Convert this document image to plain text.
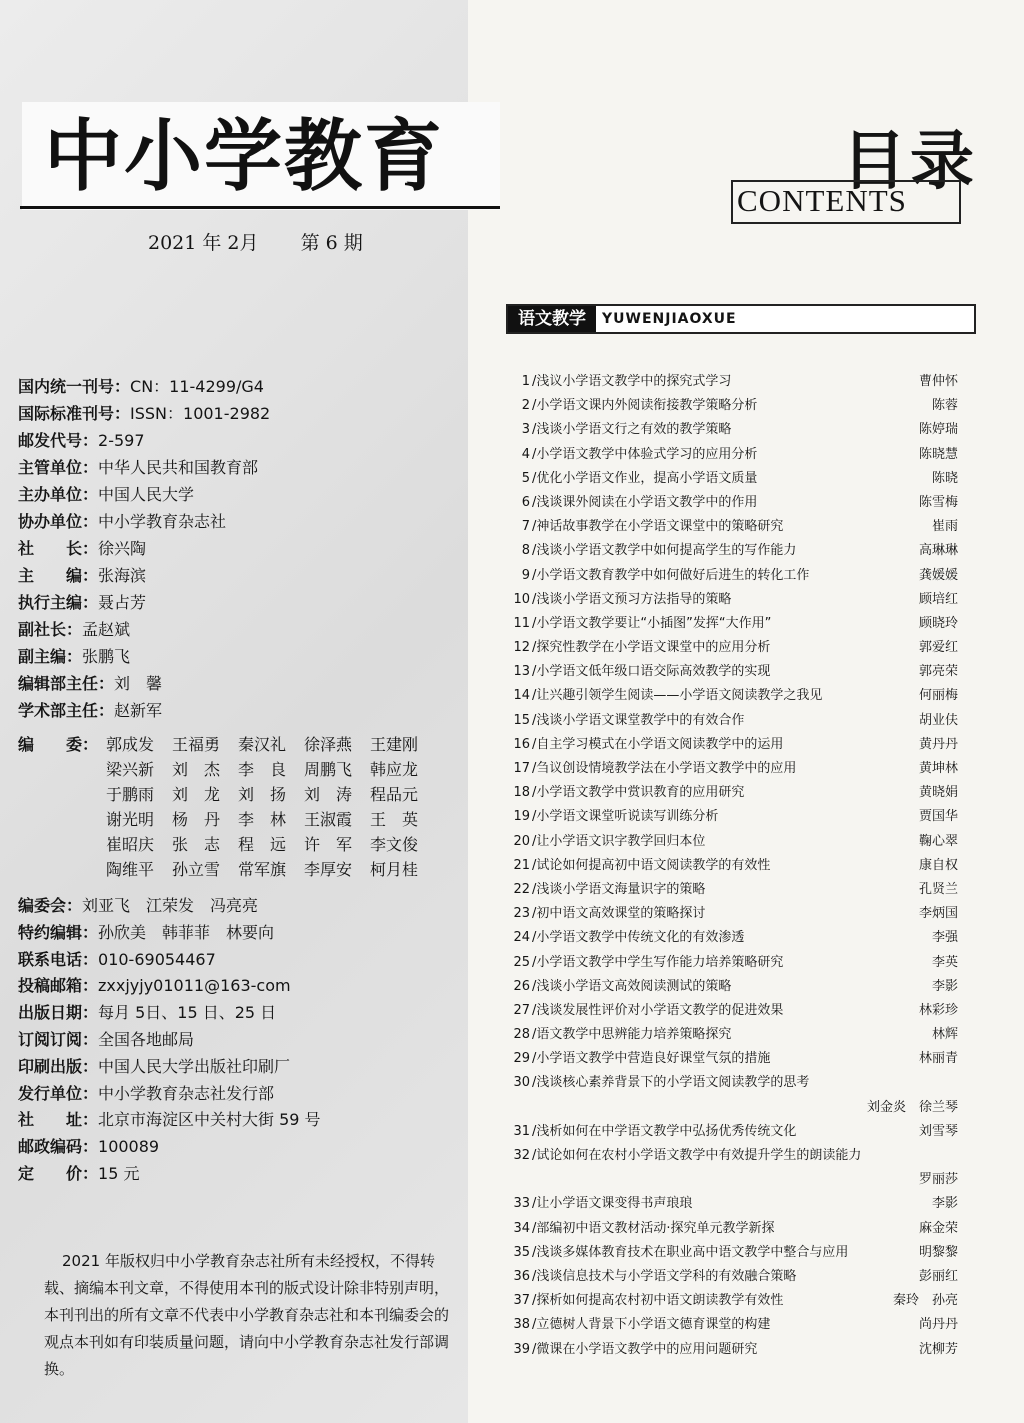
中小学教育
2021 年 2月 第 6 期
国内统一刊号：CN：11-4299/G4
国际标准刊号：ISSN：1001-2982
邮发代号：2-597
主管单位：中华人民共和国教育部
主办单位：中国人民大学
协办单位：中小学教育杂志社
社　　长：徐兴陶
主　　编：张海滨
执行主编：聂占芳
副社长：孟赵斌
副主编：张鹏飞
编辑部主任：刘　馨
学术部主任：赵新军
编　　委： 郭成发 王福勇 秦汉礼 徐泽燕 王建刚
梁兴新 刘　杰 李　良 周鹏飞 韩应龙
于鹏雨 刘　龙 刘　扬 刘　涛 程品元
谢光明 杨　丹 李　林 王淑霞 王　英
崔昭庆 张　志 程　远 许　军 李文俊
陶维平 孙立雪 常军旗 李厚安 柯月桂
编委会：刘亚飞　江荣发　冯亮亮
特约编辑：孙欣美　韩菲菲　林要向
联系电话：010-69054467
投稿邮箱：zxxjyjy01011@163-com
出版日期：每月 5日、15 日、25 日
订阅订阅：全国各地邮局
印刷出版：中国人民大学出版社印刷厂
发行单位：中小学教育杂志社发行部
社　　址：北京市海淀区中关村大街 59 号
邮政编码：100089
定　　价：15 元

2021 年版权归中小学教育杂志社所有未经授权，不得转载、摘编本刊文章，不得使用本刊的版式设计除非特别声明，本刊刊出的所有文章不代表中小学教育杂志社和本刊编委会的观点本刊如有印装质量问题，请向中小学教育杂志社发行部调换。

目录
CONTENTS
语文教学	YUWENJIAOXUE
1 /浅议小学语文教学中的探究式学习	曹仲怀
2 /小学语文课内外阅读衔接教学策略分析	陈蓉
3 /浅谈小学语文行之有效的教学策略	陈婷瑞
4 /小学语文教学中体验式学习的应用分析	陈晓慧
5 /优化小学语文作业，提高小学语文质量	陈晓
6 /浅谈课外阅读在小学语文教学中的作用	陈雪梅
7 /神话故事教学在小学语文课堂中的策略研究	崔雨
8 /浅谈小学语文教学中如何提高学生的写作能力	高琳琳
9 /小学语文教育教学中如何做好后进生的转化工作	龚媛媛
10 /浅谈小学语文预习方法指导的策略	顾培红
11 /小学语文教学要让“小插图”发挥“大作用”	顾晓玲
12 /探究性教学在小学语文课堂中的应用分析	郭爱红
13 /小学语文低年级口语交际高效教学的实现	郭亮荣
14 /让兴趣引领学生阅读——小学语文阅读教学之我见	何丽梅
15 /浅谈小学语文课堂教学中的有效合作	胡业伕
16 /自主学习模式在小学语文阅读教学中的运用	黄丹丹
17 /刍议创设情境教学法在小学语文教学中的应用	黄坤林
18 /小学语文教学中赏识教育的应用研究	黄晓娟
19 /小学语文课堂听说读写训练分析	贾国华
20 /让小学语文识字教学回归本位	鞠心翠
21 /试论如何提高初中语文阅读教学的有效性	康自权
22 /浅谈小学语文海量识字的策略	孔贤兰
23 /初中语文高效课堂的策略探讨	李炳国
24 /小学语文教学中传统文化的有效渗透	李强
25 /小学语文教学中学生写作能力培养策略研究	李英
26 /浅谈小学语文高效阅读测试的策略	李影
27 /浅谈发展性评价对小学语文教学的促进效果	林彩珍
28 /语文教学中思辨能力培养策略探究	林辉
29 /小学语文教学中营造良好课堂气氛的措施	林丽青
30 /浅谈核心素养背景下的小学语文阅读教学的思考
刘金炎　徐兰琴
31 /浅析如何在中学语文教学中弘扬优秀传统文化	刘雪琴
32 /试论如何在农村小学语文教学中有效提升学生的朗读能力
罗丽莎
33 /让小学语文课变得书声琅琅	李影
34 /部编初中语文教材活动·探究单元教学新探	麻金荣
35 /浅谈多媒体教育技术在职业高中语文教学中整合与应用	明黎黎
36 /浅谈信息技术与小学语文学科的有效融合策略	彭丽红
37 /探析如何提高农村初中语文朗读教学有效性	秦玲　孙亮
38 /立德树人背景下小学语文德育课堂的构建	尚丹丹
39 /微课在小学语文教学中的应用问题研究	沈柳芳
